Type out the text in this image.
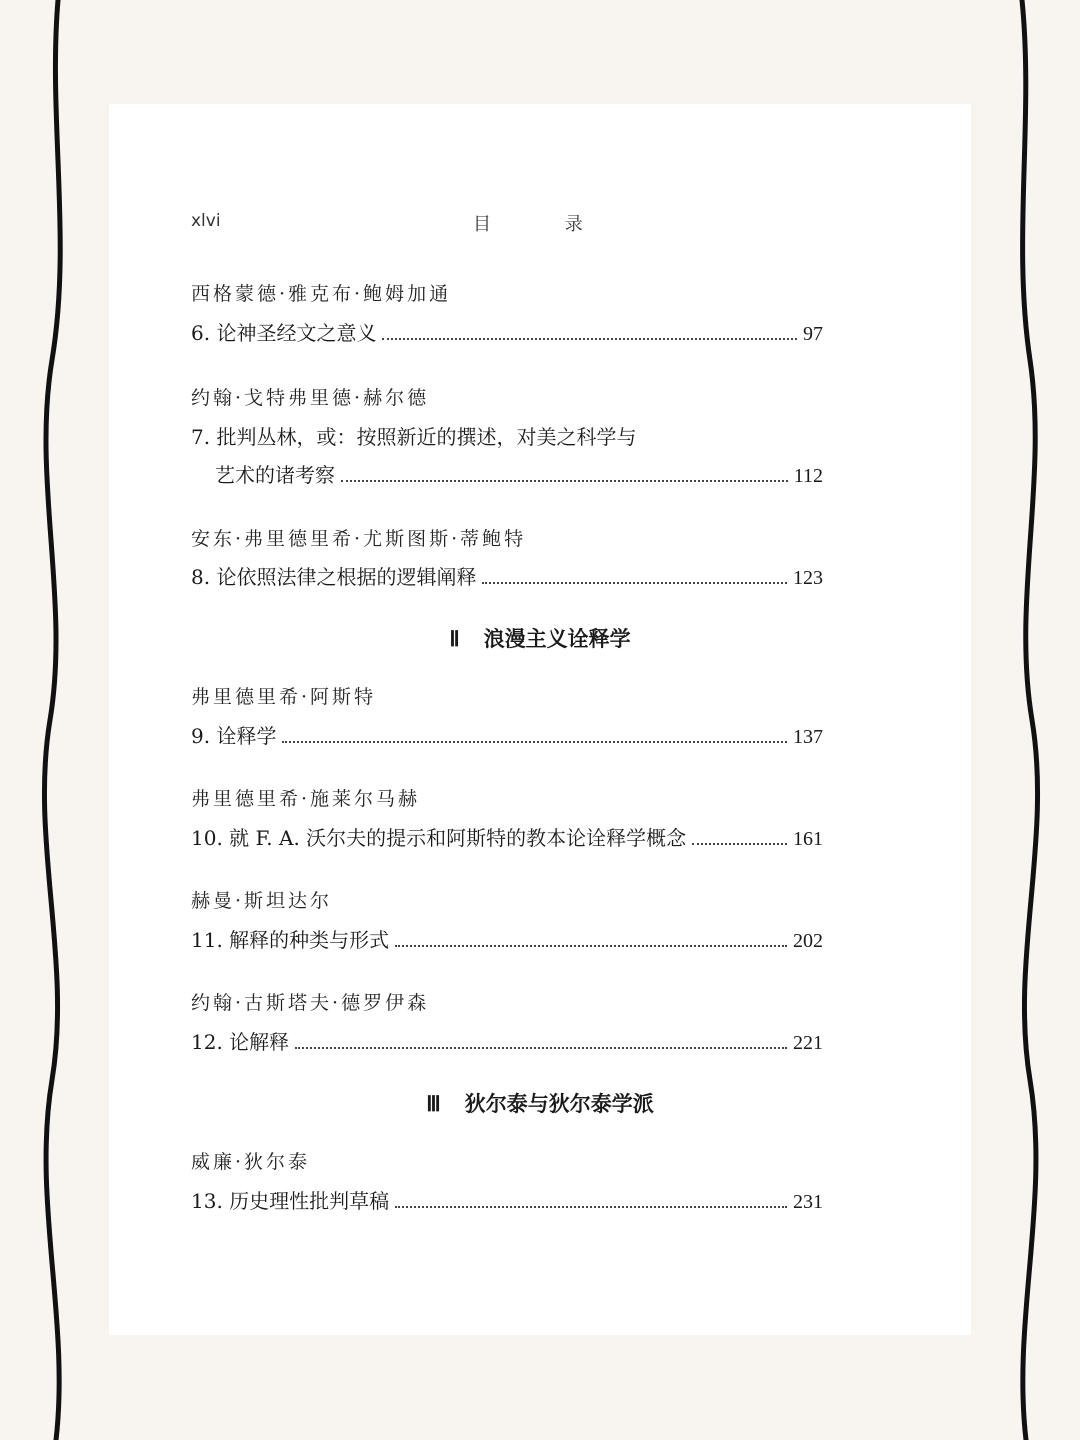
xlvi	目 录
西格蒙德·雅克布·鲍姆加通
6. 论神圣经文之意义	97
约翰·戈特弗里德·赫尔德
7. 批判丛林，或：按照新近的撰述，对美之科学与
艺术的诸考察	112
安东·弗里德里希·尤斯图斯·蒂鲍特
8. 论依照法律之根据的逻辑阐释	123
Ⅱ 浪漫主义诠释学
弗里德里希·阿斯特
9. 诠释学	137
弗里德里希·施莱尔马赫
10. 就 F. A. 沃尔夫的提示和阿斯特的教本论诠释学概念	161
赫曼·斯坦达尔
11. 解释的种类与形式	202
约翰·古斯塔夫·德罗伊森
12. 论解释	221
Ⅲ 狄尔泰与狄尔泰学派
威廉·狄尔泰
13. 历史理性批判草稿	231
